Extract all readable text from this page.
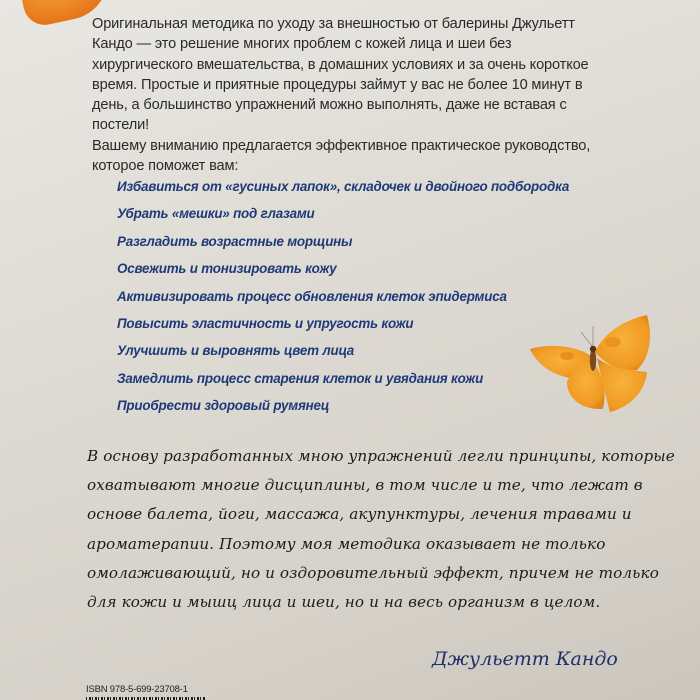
Оригинальная методика по уходу за внешностью от балерины Джульетт Кандо — это решение многих проблем с кожей лица и шеи без хирургического вмешательства, в домашних условиях и за очень короткое время. Простые и приятные процедуры займут у вас не более 10 минут в день, а большинство упражнений можно выполнять, даже не вставая с постели!

Вашему вниманию предлагается эффективное практическое руководство, которое поможет вам:

Избавиться от «гусиных лапок», складочек и двойного подбородка
Убрать «мешки» под глазами
Разгладить возрастные морщины
Освежить и тонизировать кожу
Активизировать процесс обновления клеток эпидермиса
Повысить эластичность и упругость кожи
Улучшить и выровнять цвет лица
Замедлить процесс старения клеток и увядания кожи
Приобрести здоровый румянец
В основу разработанных мною упражнений легли принципы, которые охватывают многие дисциплины, в том числе и те, что лежат в основе балета, йоги, массажа, акупунктуры, лечения травами и ароматерапии. Поэтому моя методика оказывает не только омолаживающий, но и оздоровительный эффект, причем не только для кожи и мышц лица и шеи, но и на весь организм в целом.
Джульетт Кандо
ISBN 978-5-699-23708-1
